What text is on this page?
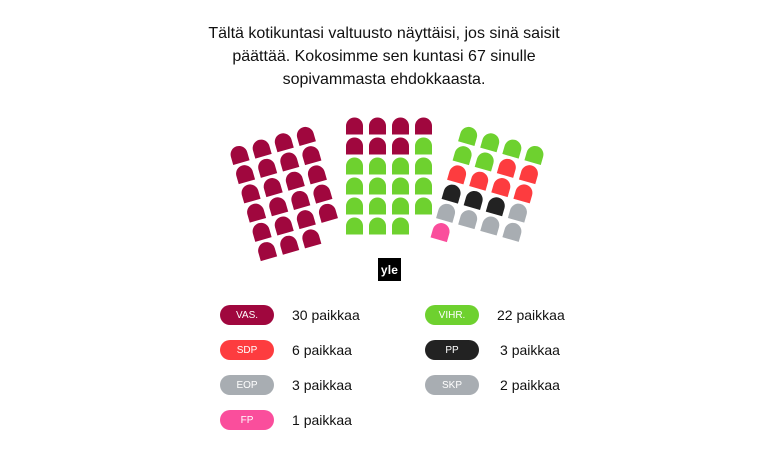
Tältä kotikuntasi valtuusto näyttäisi, jos sinä saisit päättää. Kokosimme sen kuntasi 67 sinulle sopivammasta ehdokkaasta.

yle
VAS.	30 paikkaa	VIHR.	22 paikkaa
SDP	6 paikkaa	PP	3 paikkaa
EOP	3 paikkaa	SKP	2 paikkaa
FP	1 paikkaa
